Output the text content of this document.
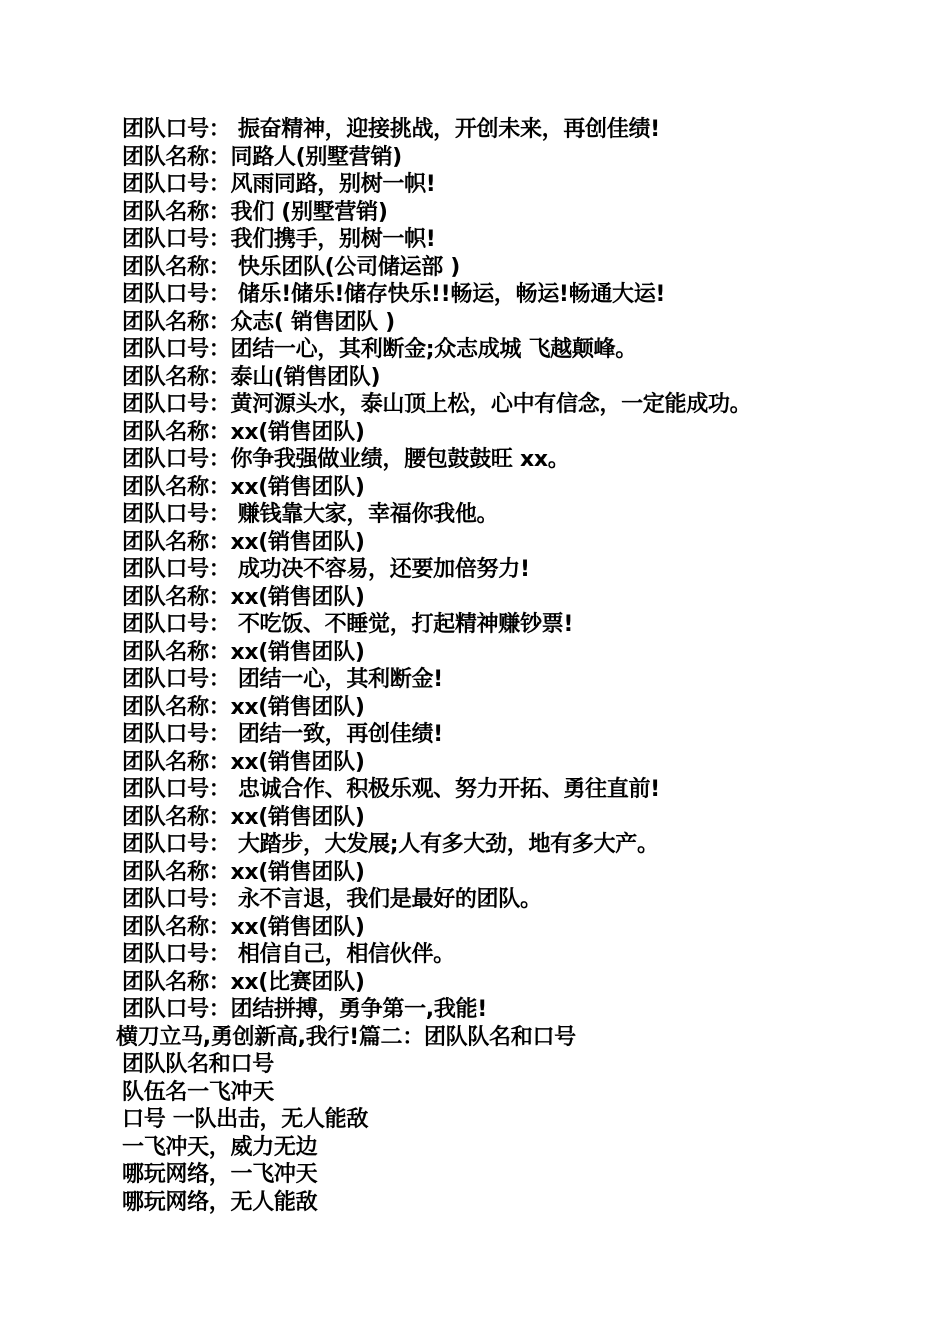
团队口号： 振奋精神，迎接挑战，开创未来，再创佳绩!
团队名称：同路人(别墅营销)
团队口号：风雨同路，别树一帜!
团队名称：我们 (别墅营销)
团队口号：我们携手，别树一帜!
团队名称： 快乐团队(公司储运部 )
团队口号： 储乐!储乐!储存快乐!!畅运，畅运!畅通大运!
团队名称：众志( 销售团队 )
团队口号：团结一心，其利断金;众志成城 飞越颠峰。
团队名称：泰山(销售团队)
团队口号：黄河源头水，泰山顶上松，心中有信念，一定能成功。
团队名称：xx(销售团队)
团队口号：你争我强做业绩，腰包鼓鼓旺 xx。
团队名称：xx(销售团队)
团队口号： 赚钱靠大家，幸福你我他。
团队名称：xx(销售团队)
团队口号： 成功决不容易，还要加倍努力!
团队名称：xx(销售团队)
团队口号： 不吃饭、不睡觉，打起精神赚钞票!
团队名称：xx(销售团队)
团队口号： 团结一心，其利断金!
团队名称：xx(销售团队)
团队口号： 团结一致，再创佳绩!
团队名称：xx(销售团队)
团队口号： 忠诚合作、积极乐观、努力开拓、勇往直前!
团队名称：xx(销售团队)
团队口号： 大踏步，大发展;人有多大劲，地有多大产。
团队名称：xx(销售团队)
团队口号： 永不言退，我们是最好的团队。
团队名称：xx(销售团队)
团队口号： 相信自己，相信伙伴。
团队名称：xx(比赛团队)
团队口号：团结拼搏，勇争第一,我能!
横刀立马,勇创新高,我行!篇二：团队队名和口号
团队队名和口号
队伍名一飞冲天
口号 一队出击，无人能敌
一飞冲天，威力无边
哪玩网络，一飞冲天
哪玩网络，无人能敌
